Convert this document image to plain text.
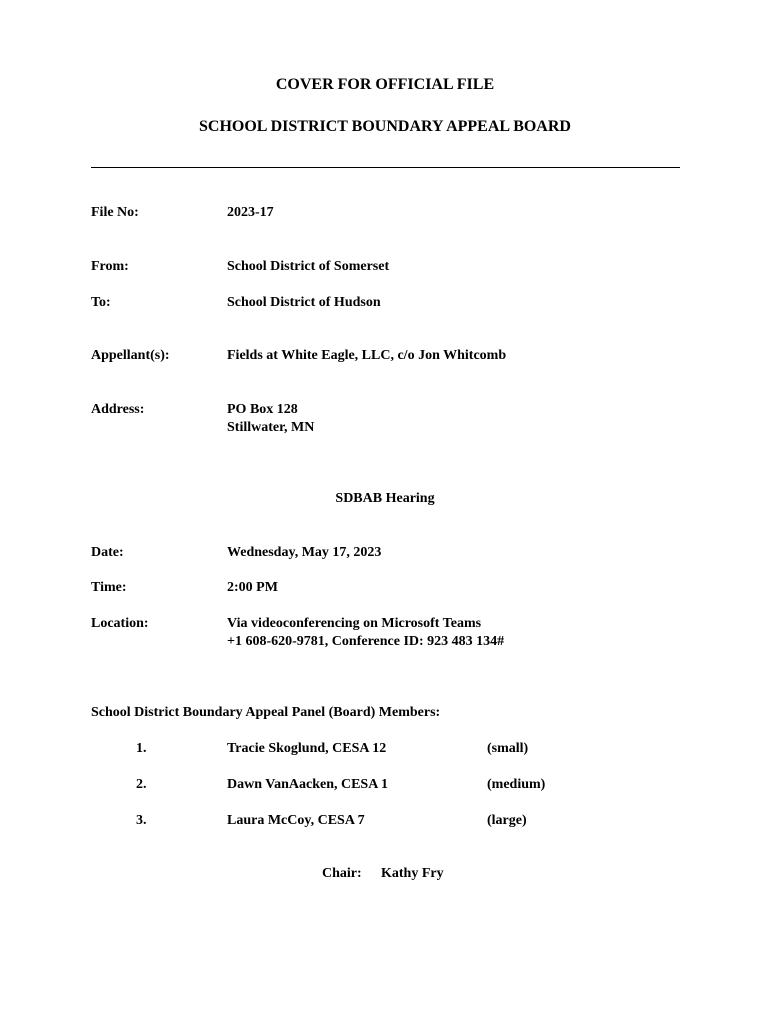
COVER FOR OFFICIAL FILE
SCHOOL DISTRICT BOUNDARY APPEAL BOARD
File No:	2023-17
From:	School District of Somerset
To:	School District of Hudson
Appellant(s):	Fields at White Eagle, LLC, c/o Jon Whitcomb
Address:	PO Box 128
Stillwater, MN
SDBAB Hearing
Date:	Wednesday, May 17, 2023
Time:	2:00 PM
Location:	Via videoconferencing on Microsoft Teams
+1 608-620-9781, Conference ID: 923 483 134#
School District Boundary Appeal Panel (Board) Members:
1.	Tracie Skoglund, CESA 12	(small)
2.	Dawn VanAacken, CESA 1	(medium)
3.	Laura McCoy, CESA 7	(large)
Chair: Kathy Fry
